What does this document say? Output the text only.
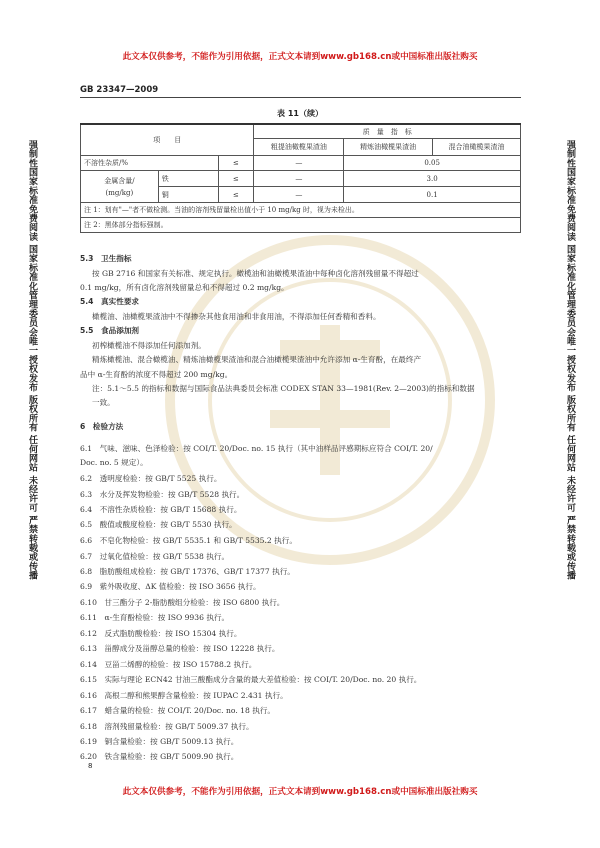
此文本仅供参考，不能作为引用依据，正式文本请到www.gb168.cn或中国标准出版社购买
GB 23347—2009
强制性国家标准免费阅读 国家标准化管理委员会唯一授权发布 版权所有 任何网站 未经许可 严禁转载或传播	强制性国家标准免费阅读 国家标准化管理委员会唯一授权发布 版权所有 任何网站 未经许可 严禁转载或传播
表 11（续）
项　　目			质　量　指　标		
			粗提油橄榄果渣油	精炼油橄榄果渣油	混合油橄榄果渣油
不溶性杂质/%		≤	—	0.05	
金属含量/
(mg/kg)	铁	≤	—	3.0	
	铜	≤	—	0.1	
注 1：划有"—"者不做检测。当油的溶剂残留量检出值小于 10 mg/kg 时，视为未检出。					
注 2：黑体部分指标强制。					
5.3　卫生指标
按 GB 2716 和国家有关标准、规定执行。橄榄油和油橄榄果渣油中每种卤化溶剂残留量不得超过
0.1 mg/kg，所有卤化溶剂残留量总和不得超过 0.2 mg/kg。
5.4　真实性要求
橄榄油、油橄榄果渣油中不得掺杂其他食用油和非食用油，不得添加任何香精和香料。
5.5　食品添加剂
初榨橄榄油不得添加任何添加剂。
精炼橄榄油、混合橄榄油、精炼油橄榄果渣油和混合油橄榄果渣油中允许添加 α-生育酚，在最终产
品中 α-生育酚的浓度不得超过 200 mg/kg。
注：5.1～5.5 的指标和数据与国际食品法典委员会标准 CODEX STAN 33—1981(Rev. 2—2003)的指标和数据
一致。
6　检验方法
6.1　气味、滋味、色泽检验：按 COI/T. 20/Doc. no. 15 执行（其中油样品评感期标应符合 COI/T. 20/
Doc. no. 5 规定）。
6.2　透明度检验：按 GB/T 5525 执行。
6.3　水分及挥发物检验：按 GB/T 5528 执行。
6.4　不溶性杂质检验：按 GB/T 15688 执行。
6.5　酸值或酸度检验：按 GB/T 5530 执行。
6.6　不皂化物检验：按 GB/T 5535.1 和 GB/T 5535.2 执行。
6.7　过氧化值检验：按 GB/T 5538 执行。
6.8　脂肪酸组成检验：按 GB/T 17376、GB/T 17377 执行。
6.9　紫外吸收度、ΔK 值检验：按 ISO 3656 执行。
6.10　甘三酯分子 2-脂肪酸组分检验：按 ISO 6800 执行。
6.11　α-生育酚检验：按 ISO 9936 执行。
6.12　反式脂肪酸检验：按 ISO 15304 执行。
6.13　甾醇成分及甾醇总量的检验：按 ISO 12228 执行。
6.14　豆甾二烯醇的检验：按 ISO 15788.2 执行。
6.15　实际与理论 ECN42 甘油三酸酯成分含量的最大差值检验：按 COI/T. 20/Doc. no. 20 执行。
6.16　高根二醇和熊果醇含量检验：按 IUPAC 2.431 执行。
6.17　蜡含量的检验：按 COI/T. 20/Doc. no. 18 执行。
6.18　溶剂残留量检验：按 GB/T 5009.37 执行。
6.19　铜含量检验：按 GB/T 5009.13 执行。
6.20　铁含量检验：按 GB/T 5009.90 执行。
8
此文本仅供参考，不能作为引用依据，正式文本请到www.gb168.cn或中国标准出版社购买
